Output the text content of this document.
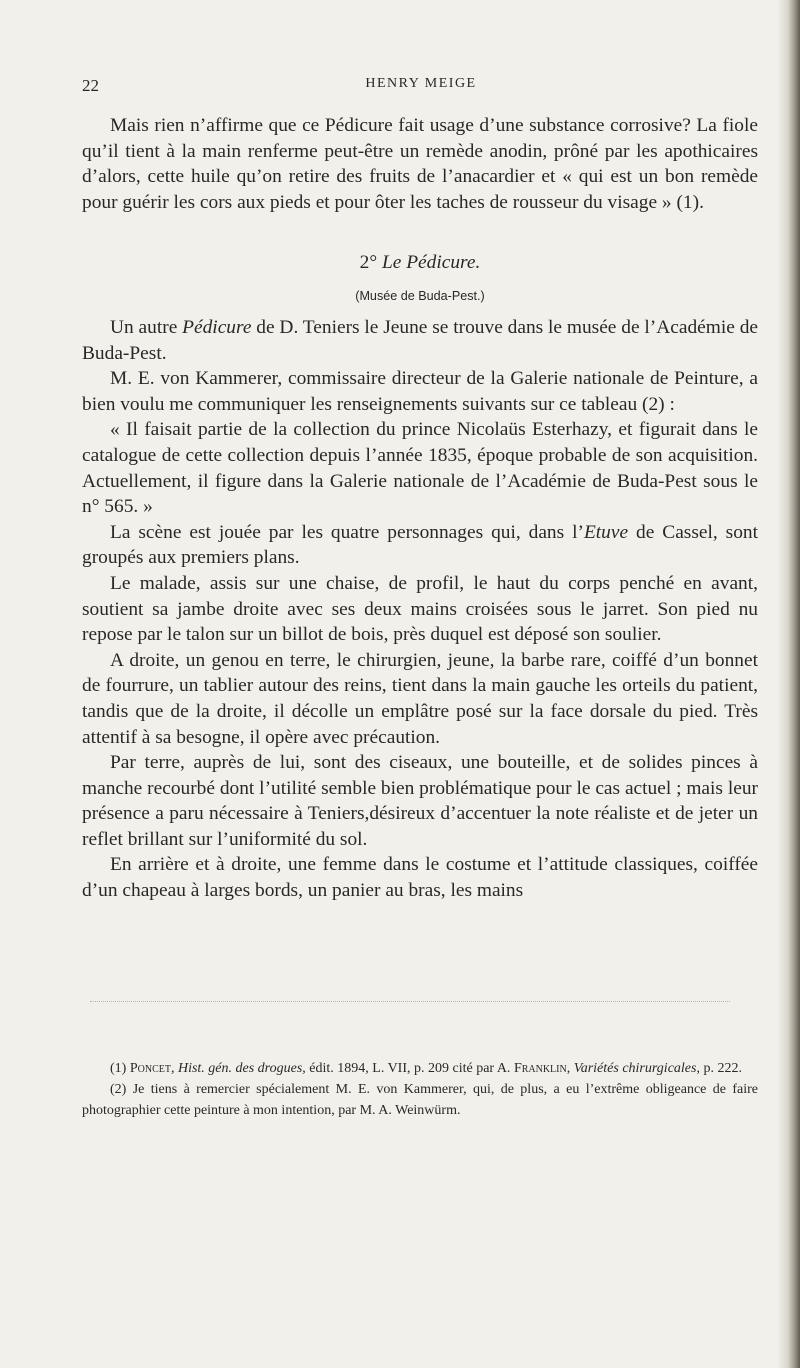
22	HENRY MEIGE

Mais rien n’affirme que ce Pédicure fait usage d’une substance corrosive? La fiole qu’il tient à la main renferme peut-être un remède anodin, prôné par les apothicaires d’alors, cette huile qu’on retire des fruits de l’anacardier et « qui est un bon remède pour guérir les cors aux pieds et pour ôter les taches de rousseur du visage » (1).

2° Le Pédicure.
(Musée de Buda-Pest.)

Un autre Pédicure de D. Teniers le Jeune se trouve dans le musée de l’Académie de Buda-Pest.

M. E. von Kammerer, commissaire directeur de la Galerie nationale de Peinture, a bien voulu me communiquer les renseignements suivants sur ce tableau (2) :

« Il faisait partie de la collection du prince Nicolaüs Esterhazy, et figurait dans le catalogue de cette collection depuis l’année 1835, époque probable de son acquisition. Actuellement, il figure dans la Galerie nationale de l’Académie de Buda-Pest sous le n° 565. »

La scène est jouée par les quatre personnages qui, dans l’Etuve de Cassel, sont groupés aux premiers plans.

Le malade, assis sur une chaise, de profil, le haut du corps penché en avant, soutient sa jambe droite avec ses deux mains croisées sous le jarret. Son pied nu repose par le talon sur un billot de bois, près duquel est déposé son soulier.

A droite, un genou en terre, le chirurgien, jeune, la barbe rare, coiffé d’un bonnet de fourrure, un tablier autour des reins, tient dans la main gauche les orteils du patient, tandis que de la droite, il décolle un emplâtre posé sur la face dorsale du pied. Très attentif à sa besogne, il opère avec précaution.

Par terre, auprès de lui, sont des ciseaux, une bouteille, et de solides pinces à manche recourbé dont l’utilité semble bien problématique pour le cas actuel ; mais leur présence a paru nécessaire à Teniers,désireux d’accentuer la note réaliste et de jeter un reflet brillant sur l’uniformité du sol.

En arrière et à droite, une femme dans le costume et l’attitude classiques, coiffée d’un chapeau à larges bords, un panier au bras, les mains

(1) Poncet, Hist. gén. des drogues, édit. 1894, L. VII, p. 209 cité par A. Franklin, Variétés chirurgicales, p. 222.

(2) Je tiens à remercier spécialement M. E. von Kammerer, qui, de plus, a eu l’extrême obligeance de faire photographier cette peinture à mon intention, par M. A. Weinwürm.
